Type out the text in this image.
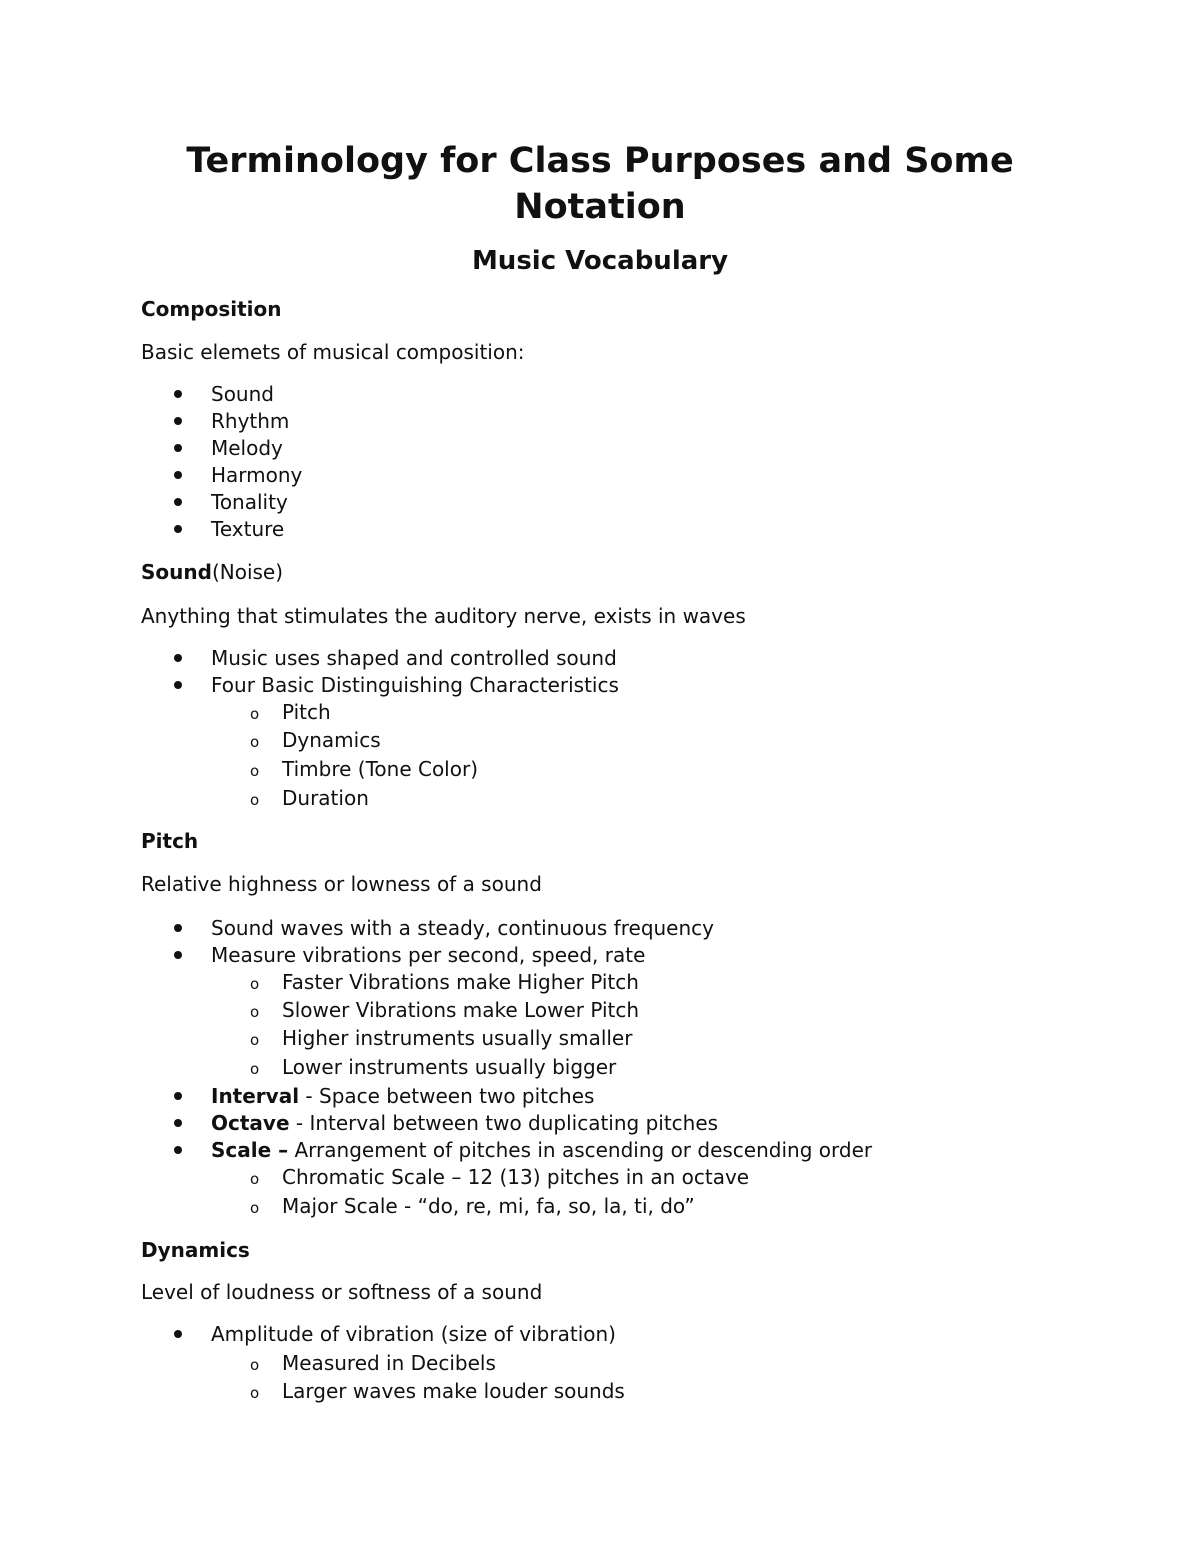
Terminology for Class Purposes and Some
Notation
Music Vocabulary
Composition
Basic elemets of musical composition:
Sound
Rhythm
Melody
Harmony
Tonality
Texture
Sound(Noise)
Anything that stimulates the auditory nerve, exists in waves
Music uses shaped and controlled sound
Four Basic Distinguishing Characteristics
o Pitch
o Dynamics
o Timbre (Tone Color)
o Duration
Pitch
Relative highness or lowness of a sound
Sound waves with a steady, continuous frequency
Measure vibrations per second, speed, rate
o Faster Vibrations make Higher Pitch
o Slower Vibrations make Lower Pitch
o Higher instruments usually smaller
o Lower instruments usually bigger
Interval - Space between two pitches
Octave - Interval between two duplicating pitches
Scale – Arrangement of pitches in ascending or descending order
o Chromatic Scale – 12 (13) pitches in an octave
o Major Scale - “do, re, mi, fa, so, la, ti, do”
Dynamics
Level of loudness or softness of a sound
Amplitude of vibration (size of vibration)
o Measured in Decibels
o Larger waves make louder sounds
